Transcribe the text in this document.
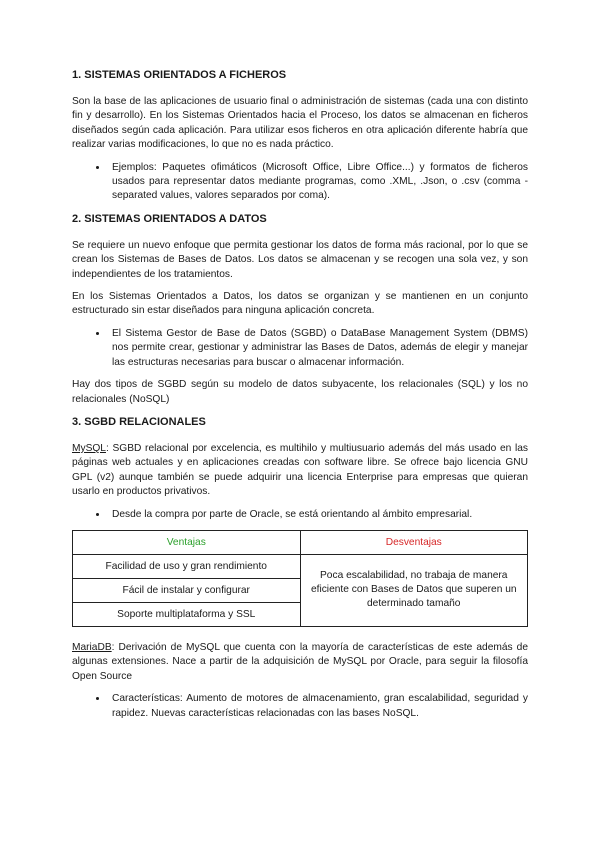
1. SISTEMAS ORIENTADOS A FICHEROS

Son la base de las aplicaciones de usuario final o administración de sistemas (cada una con distinto fin y desarrollo). En los Sistemas Orientados hacia el Proceso, los datos se almacenan en ficheros diseñados según cada aplicación. Para utilizar esos ficheros en otra aplicación diferente habría que realizar varias modificaciones, lo que no es nada práctico.

• Ejemplos: Paquetes ofimáticos (Microsoft Office, Libre Office...) y formatos de ficheros usados para representar datos mediante programas, como .XML, .Json, o .csv (comma - separated values, valores separados por coma).
2. SISTEMAS ORIENTADOS A DATOS

Se requiere un nuevo enfoque que permita gestionar los datos de forma más racional, por lo que se crean los Sistemas de Bases de Datos. Los datos se almacenan y se recogen una sola vez, y son independientes de los tratamientos.

En los Sistemas Orientados a Datos, los datos se organizan y se mantienen en un conjunto estructurado sin estar diseñados para ninguna aplicación concreta.

• El Sistema Gestor de Base de Datos (SGBD) o DataBase Management System (DBMS) nos permite crear, gestionar y administrar las Bases de Datos, además de elegir y manejar las estructuras necesarias para buscar o almacenar información.

Hay dos tipos de SGBD según su modelo de datos subyacente, los relacionales (SQL) y los no relacionales (NoSQL)

3. SGBD RELACIONALES

MySQL: SGBD relacional por excelencia, es multihilo y multiusuario además del más usado en las páginas web actuales y en aplicaciones creadas con software libre. Se ofrece bajo licencia GNU GPL (v2) aunque también se puede adquirir una licencia Enterprise para empresas que quieran usarlo en productos privativos.

• Desde la compra por parte de Oracle, se está orientando al ámbito empresarial.
Ventajas	Desventajas
Facilidad de uso y gran rendimiento	Poca escalabilidad, no trabaja de manera eficiente con Bases de Datos que superen un determinado tamaño
Fácil de instalar y configurar	
Soporte multiplataforma y SSL	

MariaDB: Derivación de MySQL que cuenta con la mayoría de características de este además de algunas extensiones. Nace a partir de la adquisición de MySQL por Oracle, para seguir la filosofía Open Source

• Características: Aumento de motores de almacenamiento, gran escalabilidad, seguridad y rapidez. Nuevas características relacionadas con las bases NoSQL.
